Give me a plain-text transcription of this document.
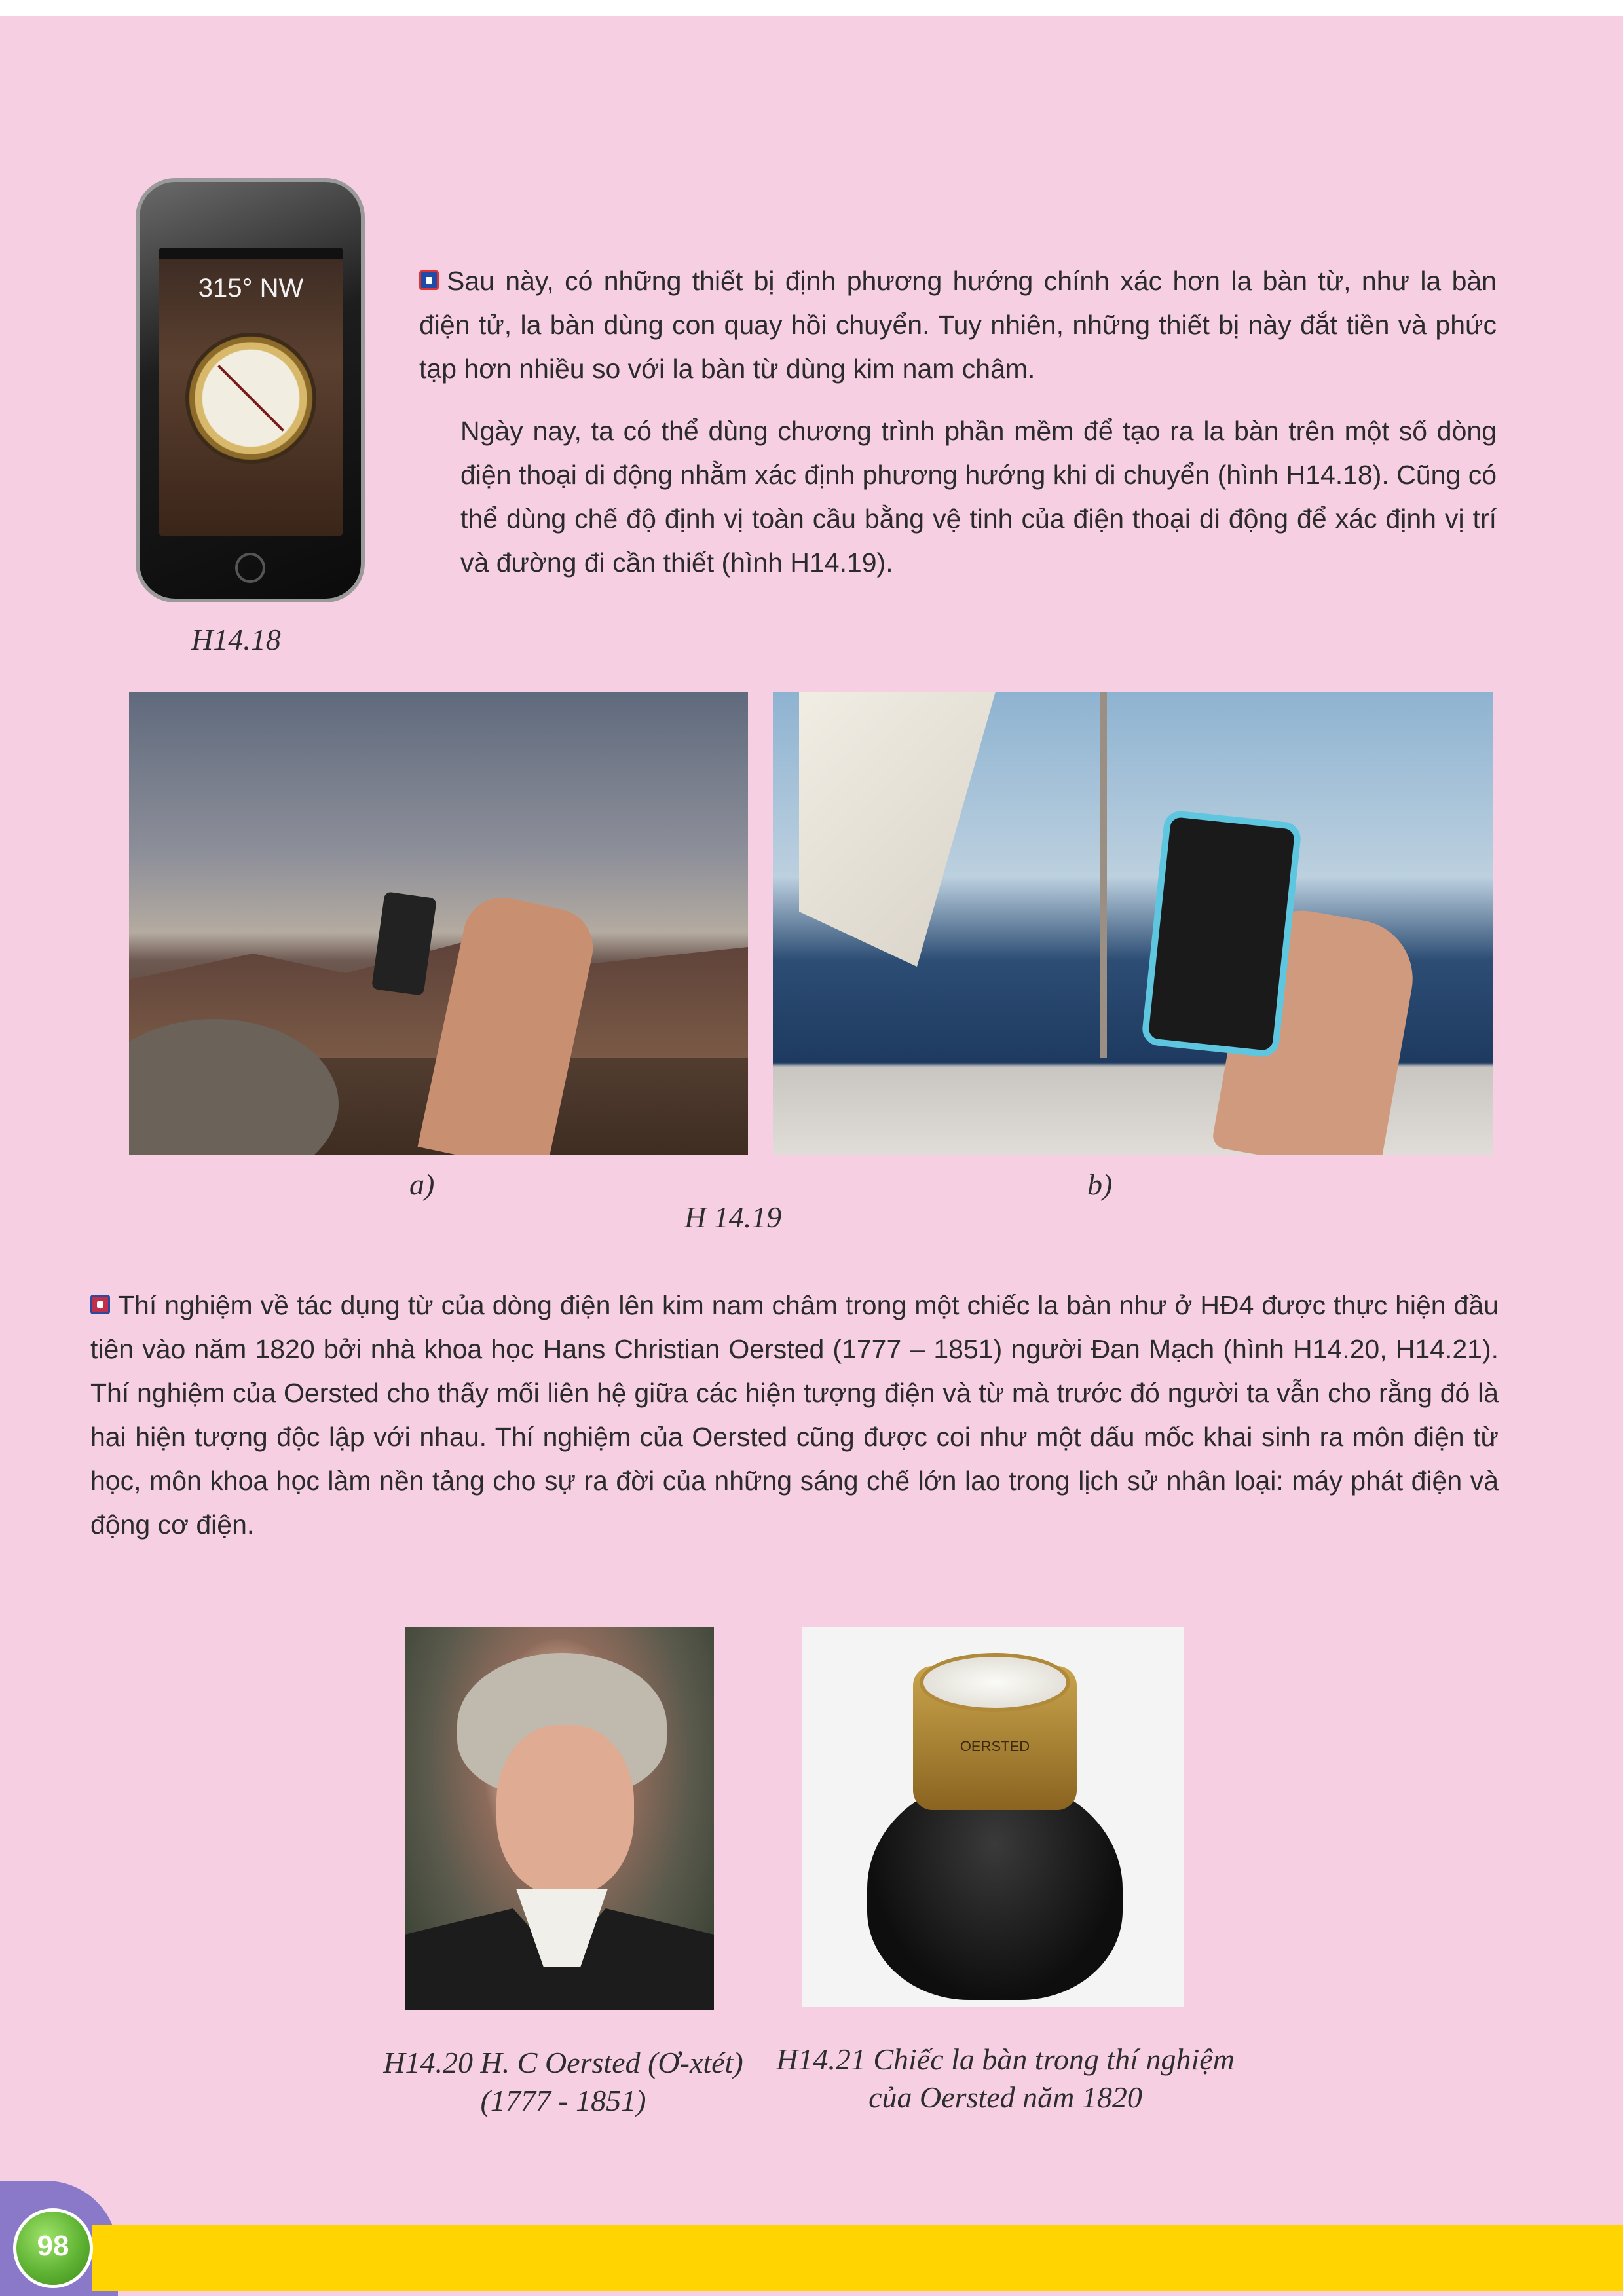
315° NW
H14.18
Sau này, có những thiết bị định phương hướng chính xác hơn la bàn từ, như la bàn điện tử, la bàn dùng con quay hồi chuyển. Tuy nhiên, những thiết bị này đắt tiền và phức tạp hơn nhiều so với la bàn từ dùng kim nam châm.
Ngày nay, ta có thể dùng chương trình phần mềm để tạo ra la bàn trên một số dòng điện thoại di động nhằm xác định phương hướng khi di chuyển (hình H14.18). Cũng có thể dùng chế độ định vị toàn cầu bằng vệ tinh của điện thoại di động để xác định vị trí và đường đi cần thiết (hình H14.19).
a)	b)
H 14.19
Thí nghiệm về tác dụng từ của dòng điện lên kim nam châm trong một chiếc la bàn như ở HĐ4 được thực hiện đầu tiên vào năm 1820 bởi nhà khoa học Hans Christian Oersted (1777 – 1851) người Đan Mạch (hình H14.20, H14.21). Thí nghiệm của Oersted cho thấy mối liên hệ giữa các hiện tượng điện và từ mà trước đó người ta vẫn cho rằng đó là hai hiện tượng độc lập với nhau. Thí nghiệm của Oersted cũng được coi như một dấu mốc khai sinh ra môn điện từ học, môn khoa học làm nền tảng cho sự ra đời của những sáng chế lớn lao trong lịch sử nhân loại: máy phát điện và động cơ điện.
OERSTED
H14.20 H. C Oersted (Ơ-xtét)
(1777 - 1851)
H14.21 Chiếc la bàn trong thí nghiệm
của Oersted năm 1820
98
